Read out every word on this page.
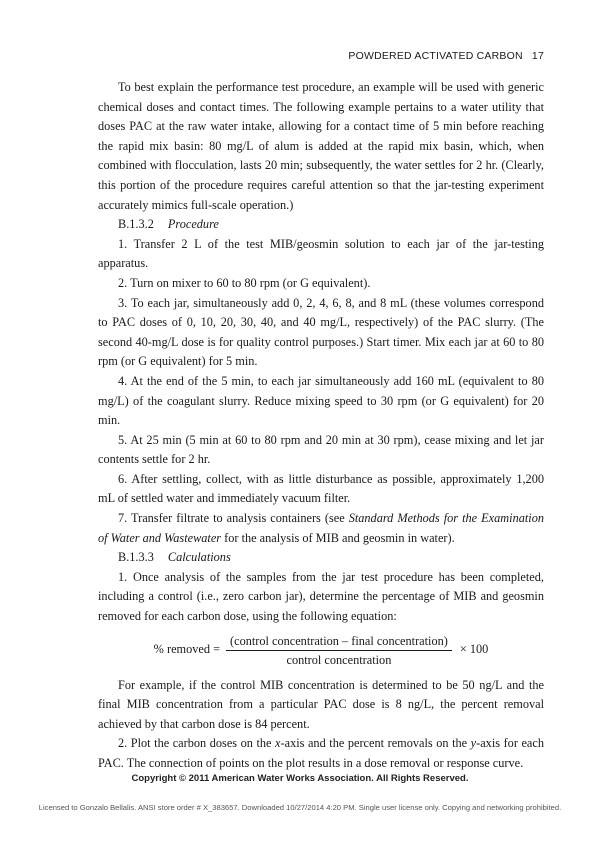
POWDERED ACTIVATED CARBON 17

To best explain the performance test procedure, an example will be used with generic chemical doses and contact times. The following example pertains to a water utility that doses PAC at the raw water intake, allowing for a contact time of 5 min before reaching the rapid mix basin: 80 mg/L of alum is added at the rapid mix basin, which, when combined with flocculation, lasts 20 min; subsequently, the water settles for 2 hr. (Clearly, this portion of the procedure requires careful attention so that the jar-testing experiment accurately mimics full-scale operation.)

B.1.3.2 Procedure

1. Transfer 2 L of the test MIB/geosmin solution to each jar of the jar-testing apparatus.

2. Turn on mixer to 60 to 80 rpm (or G equivalent).

3. To each jar, simultaneously add 0, 2, 4, 6, 8, and 8 mL (these volumes correspond to PAC doses of 0, 10, 20, 30, 40, and 40 mg/L, respectively) of the PAC slurry. (The second 40-mg/L dose is for quality control purposes.) Start timer. Mix each jar at 60 to 80 rpm (or G equivalent) for 5 min.

4. At the end of the 5 min, to each jar simultaneously add 160 mL (equivalent to 80 mg/L) of the coagulant slurry. Reduce mixing speed to 30 rpm (or G equivalent) for 20 min.

5. At 25 min (5 min at 60 to 80 rpm and 20 min at 30 rpm), cease mixing and let jar contents settle for 2 hr.

6. After settling, collect, with as little disturbance as possible, approximately 1,200 mL of settled water and immediately vacuum filter.

7. Transfer filtrate to analysis containers (see Standard Methods for the Examination of Water and Wastewater for the analysis of MIB and geosmin in water).

B.1.3.3 Calculations

1. Once analysis of the samples from the jar test procedure has been completed, including a control (i.e., zero carbon jar), determine the percentage of MIB and geosmin removed for each carbon dose, using the following equation:

% removed = $\frac{\text{(control concentration – final concentration)}}{\text{control concentration}} \times 100$

For example, if the control MIB concentration is determined to be 50 ng/L and the final MIB concentration from a particular PAC dose is 8 ng/L, the percent removal achieved by that carbon dose is 84 percent.

2. Plot the carbon doses on the x-axis and the percent removals on the y-axis for each PAC. The connection of points on the plot results in a dose removal or response curve.

Copyright © 2011 American Water Works Association. All Rights Reserved.
Licensed to Gonzalo Bellalis. ANSI store order # X_383657. Downloaded 10/27/2014 4:20 PM. Single user license only. Copying and networking prohibited.
